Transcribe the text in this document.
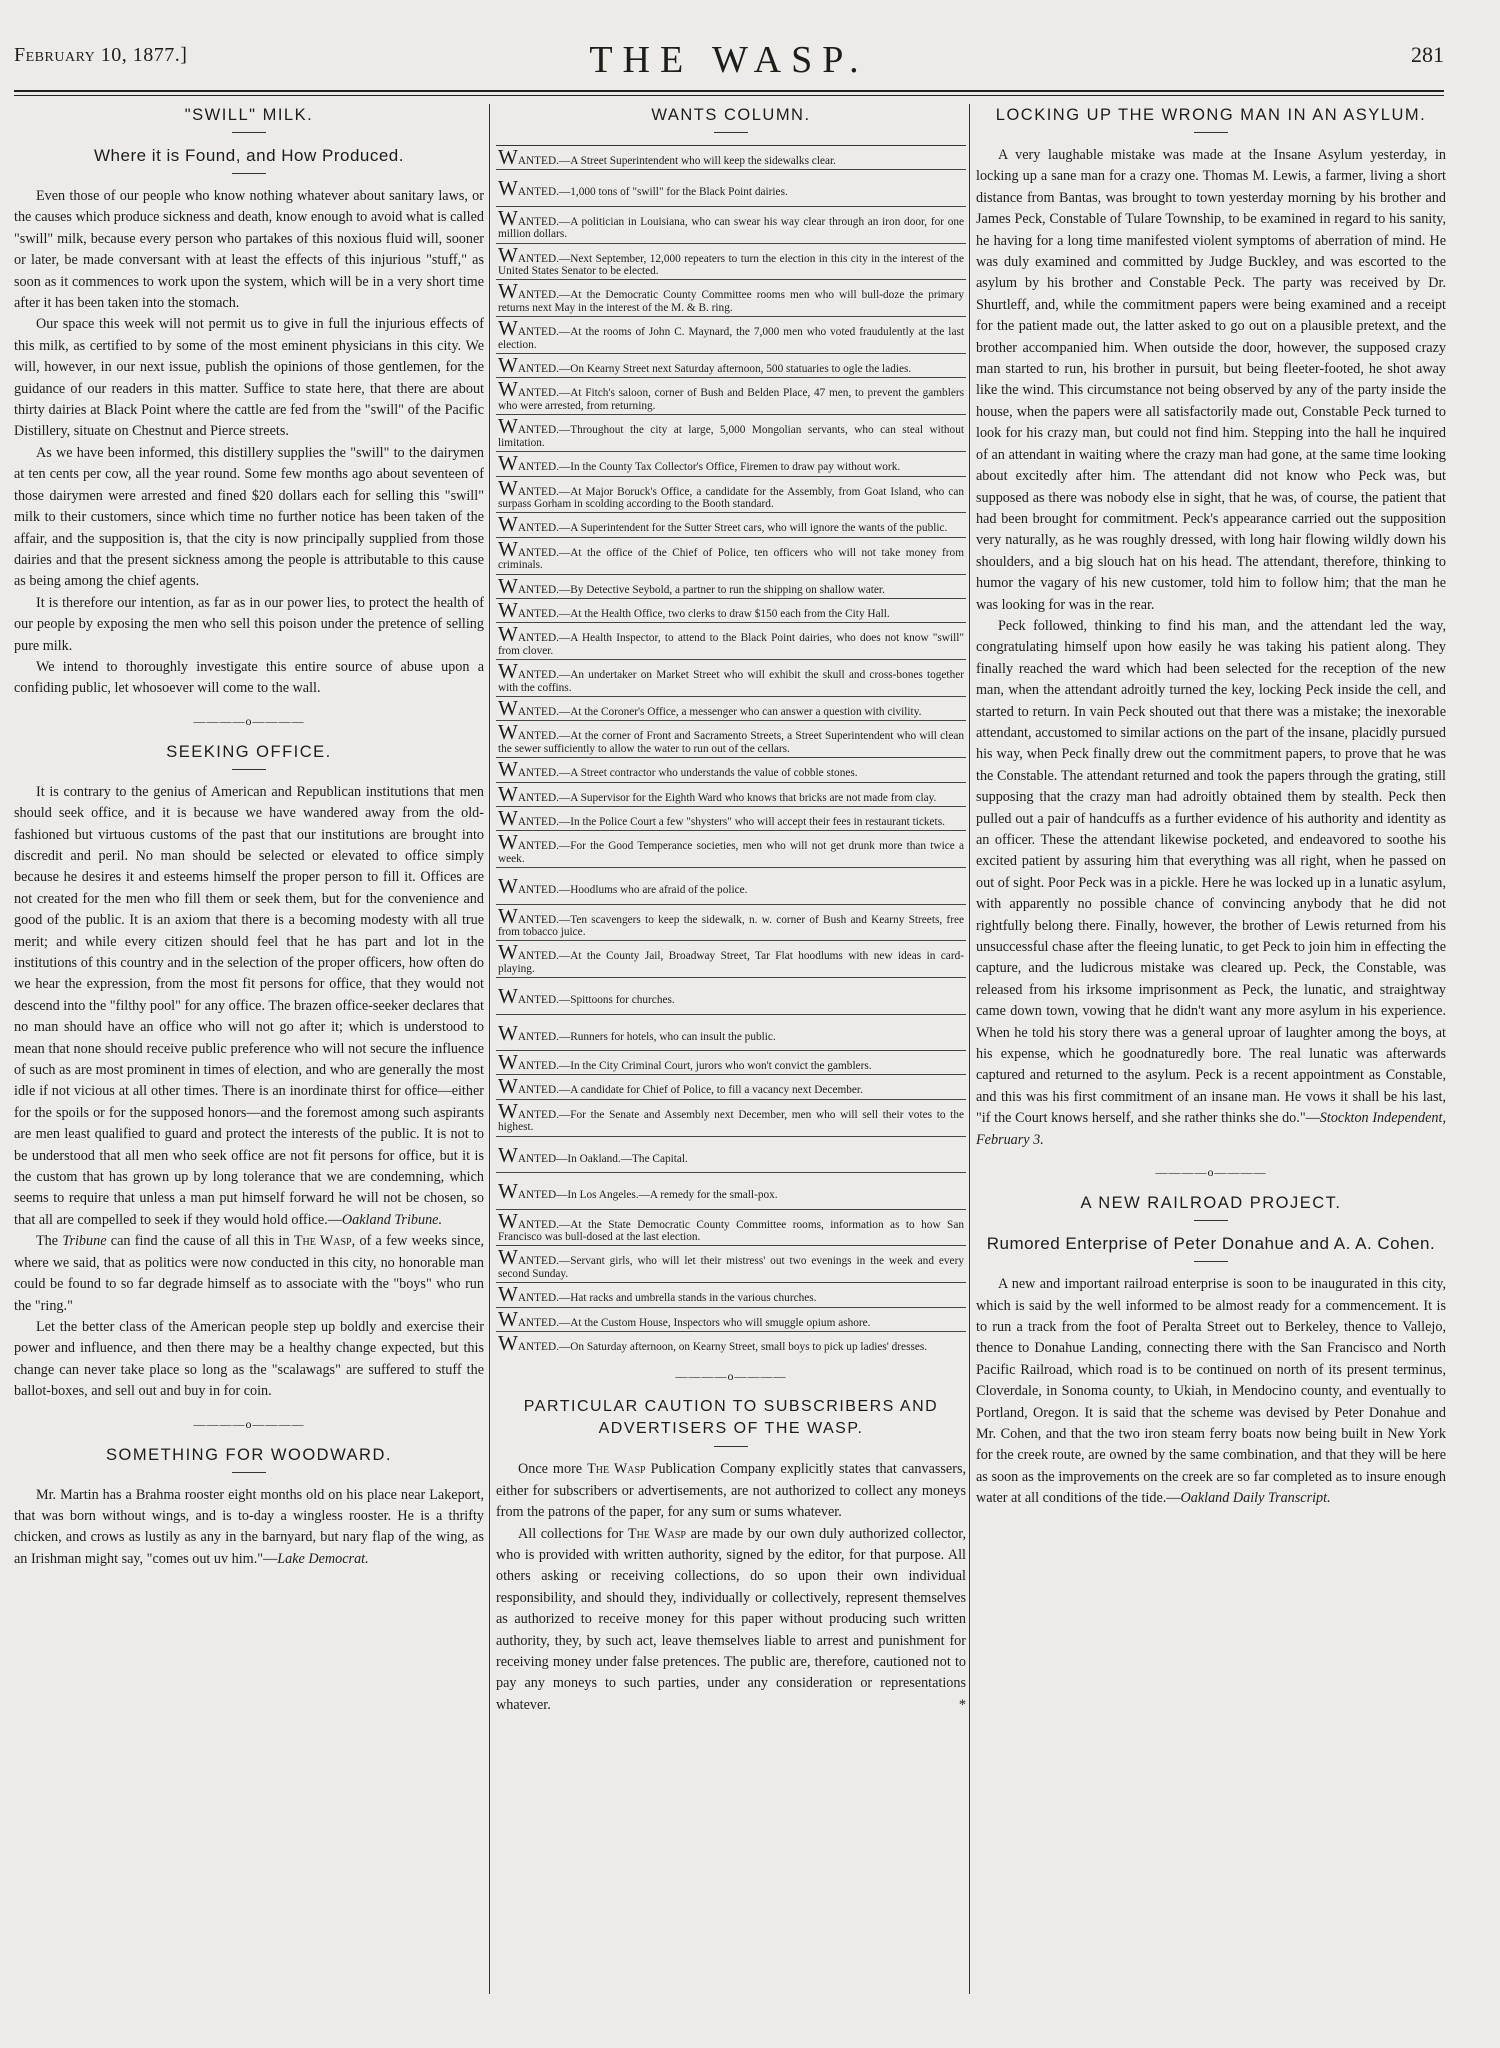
February 10, 1877.]	THE WASP.	281
"SWILL" MILK.
Where it is Found, and How Produced.

Even those of our people who know nothing whatever about sanitary laws, or the causes which produce sickness and death, know enough to avoid what is called "swill" milk, because every person who partakes of this noxious fluid will, sooner or later, be made conversant with at least the effects of this injurious "stuff," as soon as it commences to work upon the system, which will be in a very short time after it has been taken into the stomach.

Our space this week will not permit us to give in full the injurious effects of this milk, as certified to by some of the most eminent physicians in this city. We will, however, in our next issue, publish the opinions of those gentlemen, for the guidance of our readers in this matter. Suffice to state here, that there are about thirty dairies at Black Point where the cattle are fed from the "swill" of the Pacific Distillery, situate on Chestnut and Pierce streets.

As we have been informed, this distillery supplies the "swill" to the dairymen at ten cents per cow, all the year round. Some few months ago about seventeen of those dairymen were arrested and fined $20 dollars each for selling this "swill" milk to their customers, since which time no further notice has been taken of the affair, and the supposition is, that the city is now principally supplied from those dairies and that the present sickness among the people is attributable to this cause as being among the chief agents.

It is therefore our intention, as far as in our power lies, to protect the health of our people by exposing the men who sell this poison under the pretence of selling pure milk.

We intend to thoroughly investigate this entire source of abuse upon a confiding public, let whosoever will come to the wall.

————o————
SEEKING OFFICE.

It is contrary to the genius of American and Republican institutions that men should seek office, and it is because we have wandered away from the old-fashioned but virtuous customs of the past that our institutions are brought into discredit and peril. No man should be selected or elevated to office simply because he desires it and esteems himself the proper person to fill it. Offices are not created for the men who fill them or seek them, but for the convenience and good of the public. It is an axiom that there is a becoming modesty with all true merit; and while every citizen should feel that he has part and lot in the institutions of this country and in the selection of the proper officers, how often do we hear the expression, from the most fit persons for office, that they would not descend into the "filthy pool" for any office. The brazen office-seeker declares that no man should have an office who will not go after it; which is understood to mean that none should receive public preference who will not secure the influence of such as are most prominent in times of election, and who are generally the most idle if not vicious at all other times. There is an inordinate thirst for office—either for the spoils or for the supposed honors—and the foremost among such aspirants are men least qualified to guard and protect the interests of the public. It is not to be understood that all men who seek office are not fit persons for office, but it is the custom that has grown up by long tolerance that we are condemning, which seems to require that unless a man put himself forward he will not be chosen, so that all are compelled to seek if they would hold office.—Oakland Tribune.

The Tribune can find the cause of all this in The Wasp, of a few weeks since, where we said, that as politics were now conducted in this city, no honorable man could be found to so far degrade himself as to associate with the "boys" who run the "ring."

Let the better class of the American people step up boldly and exercise their power and influence, and then there may be a healthy change expected, but this change can never take place so long as the "scalawags" are suffered to stuff the ballot-boxes, and sell out and buy in for coin.

————o————
SOMETHING FOR WOODWARD.

Mr. Martin has a Brahma rooster eight months old on his place near Lakeport, that was born without wings, and is to-day a wingless rooster. He is a thrifty chicken, and crows as lustily as any in the barnyard, but nary flap of the wing, as an Irishman might say, "comes out uv him."—Lake Democrat.

WANTS COLUMN.
WANTED.—A Street Superintendent who will keep the sidewalks clear.
WANTED.—1,000 tons of "swill" for the Black Point dairies.
WANTED.—A politician in Louisiana, who can swear his way clear through an iron door, for one million dollars.
WANTED.—Next September, 12,000 repeaters to turn the election in this city in the interest of the United States Senator to be elected.
WANTED.—At the Democratic County Committee rooms men who will bull-doze the primary returns next May in the interest of the M. & B. ring.
WANTED.—At the rooms of John C. Maynard, the 7,000 men who voted fraudulently at the last election.
WANTED.—On Kearny Street next Saturday afternoon, 500 statuaries to ogle the ladies.
WANTED.—At Fitch's saloon, corner of Bush and Belden Place, 47 men, to prevent the gamblers who were arrested, from returning.
WANTED.—Throughout the city at large, 5,000 Mongolian servants, who can steal without limitation.
WANTED.—In the County Tax Collector's Office, Firemen to draw pay without work.
WANTED.—At Major Boruck's Office, a candidate for the Assembly, from Goat Island, who can surpass Gorham in scolding according to the Booth standard.
WANTED.—A Superintendent for the Sutter Street cars, who will ignore the wants of the public.
WANTED.—At the office of the Chief of Police, ten officers who will not take money from criminals.
WANTED.—By Detective Seybold, a partner to run the shipping on shallow water.
WANTED.—At the Health Office, two clerks to draw $150 each from the City Hall.
WANTED.—A Health Inspector, to attend to the Black Point dairies, who does not know "swill" from clover.
WANTED.—An undertaker on Market Street who will exhibit the skull and cross-bones together with the coffins.
WANTED.—At the Coroner's Office, a messenger who can answer a question with civility.
WANTED.—At the corner of Front and Sacramento Streets, a Street Superintendent who will clean the sewer sufficiently to allow the water to run out of the cellars.
WANTED.—A Street contractor who understands the value of cobble stones.
WANTED.—A Supervisor for the Eighth Ward who knows that bricks are not made from clay.
WANTED.—In the Police Court a few "shysters" who will accept their fees in restaurant tickets.
WANTED.—For the Good Temperance societies, men who will not get drunk more than twice a week.
WANTED.—Hoodlums who are afraid of the police.
WANTED.—Ten scavengers to keep the sidewalk, n. w. corner of Bush and Kearny Streets, free from tobacco juice.
WANTED.—At the County Jail, Broadway Street, Tar Flat hoodlums with new ideas in card-playing.
WANTED.—Spittoons for churches.
WANTED.—Runners for hotels, who can insult the public.
WANTED.—In the City Criminal Court, jurors who won't convict the gamblers.
WANTED.—A candidate for Chief of Police, to fill a vacancy next December.
WANTED.—For the Senate and Assembly next December, men who will sell their votes to the highest.
WANTED—In Oakland.—The Capital.
WANTED—In Los Angeles.—A remedy for the small-pox.
WANTED.—At the State Democratic County Committee rooms, information as to how San Francisco was bull-dosed at the last election.
WANTED.—Servant girls, who will let their mistress' out two evenings in the week and every second Sunday.
WANTED.—Hat racks and umbrella stands in the various churches.
WANTED.—At the Custom House, Inspectors who will smuggle opium ashore.
WANTED.—On Saturday afternoon, on Kearny Street, small boys to pick up ladies' dresses.
————o————
PARTICULAR CAUTION TO SUBSCRIBERS AND ADVERTISERS OF THE WASP.

Once more The Wasp Publication Company explicitly states that canvassers, either for subscribers or advertisements, are not authorized to collect any moneys from the patrons of the paper, for any sum or sums whatever.

All collections for The Wasp are made by our own duly authorized collector, who is provided with written authority, signed by the editor, for that purpose. All others asking or receiving collections, do so upon their own individual responsibility, and should they, individually or collectively, represent themselves as authorized to receive money for this paper without producing such written authority, they, by such act, leave themselves liable to arrest and punishment for receiving money under false pretences. The public are, therefore, cautioned not to pay any moneys to such parties, under any consideration or representations whatever.	*

LOCKING UP THE WRONG MAN IN AN ASYLUM.

A very laughable mistake was made at the Insane Asylum yesterday, in locking up a sane man for a crazy one. Thomas M. Lewis, a farmer, living a short distance from Bantas, was brought to town yesterday morning by his brother and James Peck, Constable of Tulare Township, to be examined in regard to his sanity, he having for a long time manifested violent symptoms of aberration of mind. He was duly examined and committed by Judge Buckley, and was escorted to the asylum by his brother and Constable Peck. The party was received by Dr. Shurtleff, and, while the commitment papers were being examined and a receipt for the patient made out, the latter asked to go out on a plausible pretext, and the brother accompanied him. When outside the door, however, the supposed crazy man started to run, his brother in pursuit, but being fleeter-footed, he shot away like the wind. This circumstance not being observed by any of the party inside the house, when the papers were all satisfactorily made out, Constable Peck turned to look for his crazy man, but could not find him. Stepping into the hall he inquired of an attendant in waiting where the crazy man had gone, at the same time looking about excitedly after him. The attendant did not know who Peck was, but supposed as there was nobody else in sight, that he was, of course, the patient that had been brought for commitment. Peck's appearance carried out the supposition very naturally, as he was roughly dressed, with long hair flowing wildly down his shoulders, and a big slouch hat on his head. The attendant, therefore, thinking to humor the vagary of his new customer, told him to follow him; that the man he was looking for was in the rear.

Peck followed, thinking to find his man, and the attendant led the way, congratulating himself upon how easily he was taking his patient along. They finally reached the ward which had been selected for the reception of the new man, when the attendant adroitly turned the key, locking Peck inside the cell, and started to return. In vain Peck shouted out that there was a mistake; the inexorable attendant, accustomed to similar actions on the part of the insane, placidly pursued his way, when Peck finally drew out the commitment papers, to prove that he was the Constable. The attendant returned and took the papers through the grating, still supposing that the crazy man had adroitly obtained them by stealth. Peck then pulled out a pair of handcuffs as a further evidence of his authority and identity as an officer. These the attendant likewise pocketed, and endeavored to soothe his excited patient by assuring him that everything was all right, when he passed on out of sight. Poor Peck was in a pickle. Here he was locked up in a lunatic asylum, with apparently no possible chance of convincing anybody that he did not rightfully belong there. Finally, however, the brother of Lewis returned from his unsuccessful chase after the fleeing lunatic, to get Peck to join him in effecting the capture, and the ludicrous mistake was cleared up. Peck, the Constable, was released from his irksome imprisonment as Peck, the lunatic, and straightway came down town, vowing that he didn't want any more asylum in his experience. When he told his story there was a general uproar of laughter among the boys, at his expense, which he goodnaturedly bore. The real lunatic was afterwards captured and returned to the asylum. Peck is a recent appointment as Constable, and this was his first commitment of an insane man. He vows it shall be his last, "if the Court knows herself, and she rather thinks she do."—Stockton Independent, February 3.

————o————
A NEW RAILROAD PROJECT.
Rumored Enterprise of Peter Donahue and A. A. Cohen.

A new and important railroad enterprise is soon to be inaugurated in this city, which is said by the well informed to be almost ready for a commencement. It is to run a track from the foot of Peralta Street out to Berkeley, thence to Vallejo, thence to Donahue Landing, connecting there with the San Francisco and North Pacific Railroad, which road is to be continued on north of its present terminus, Cloverdale, in Sonoma county, to Ukiah, in Mendocino county, and eventually to Portland, Oregon. It is said that the scheme was devised by Peter Donahue and Mr. Cohen, and that the two iron steam ferry boats now being built in New York for the creek route, are owned by the same combination, and that they will be here as soon as the improvements on the creek are so far completed as to insure enough water at all conditions of the tide.—Oakland Daily Transcript.
